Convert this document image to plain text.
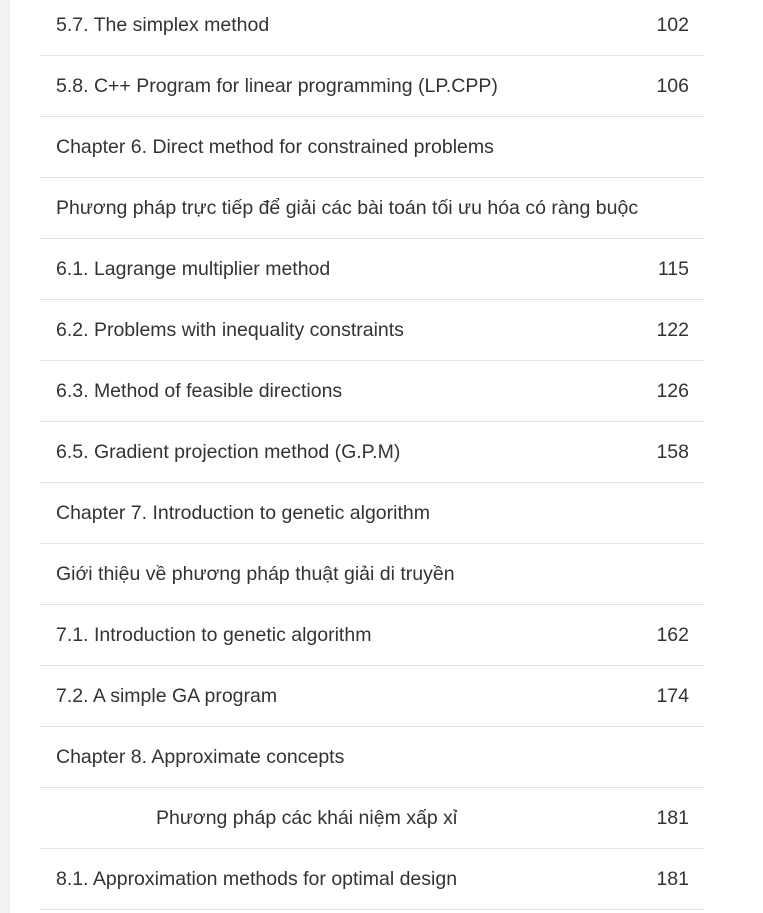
5.7. The simplex method	102
5.8. C++ Program for linear programming (LP.CPP)	106
Chapter 6. Direct method for constrained problems
Phương pháp trực tiếp để giải các bài toán tối ưu hóa có ràng buộc
6.1. Lagrange multiplier method	115
6.2. Problems with inequality constraints	122
6.3. Method of feasible directions	126
6.5. Gradient projection method (G.P.M)	158
Chapter 7. Introduction to genetic algorithm
Giới thiệu về phương pháp thuật giải di truyền
7.1. Introduction to genetic algorithm	162
7.2. A simple GA program	174
Chapter 8. Approximate concepts
Phương pháp các khái niệm xấp xỉ	181
8.1. Approximation methods for optimal design	181
